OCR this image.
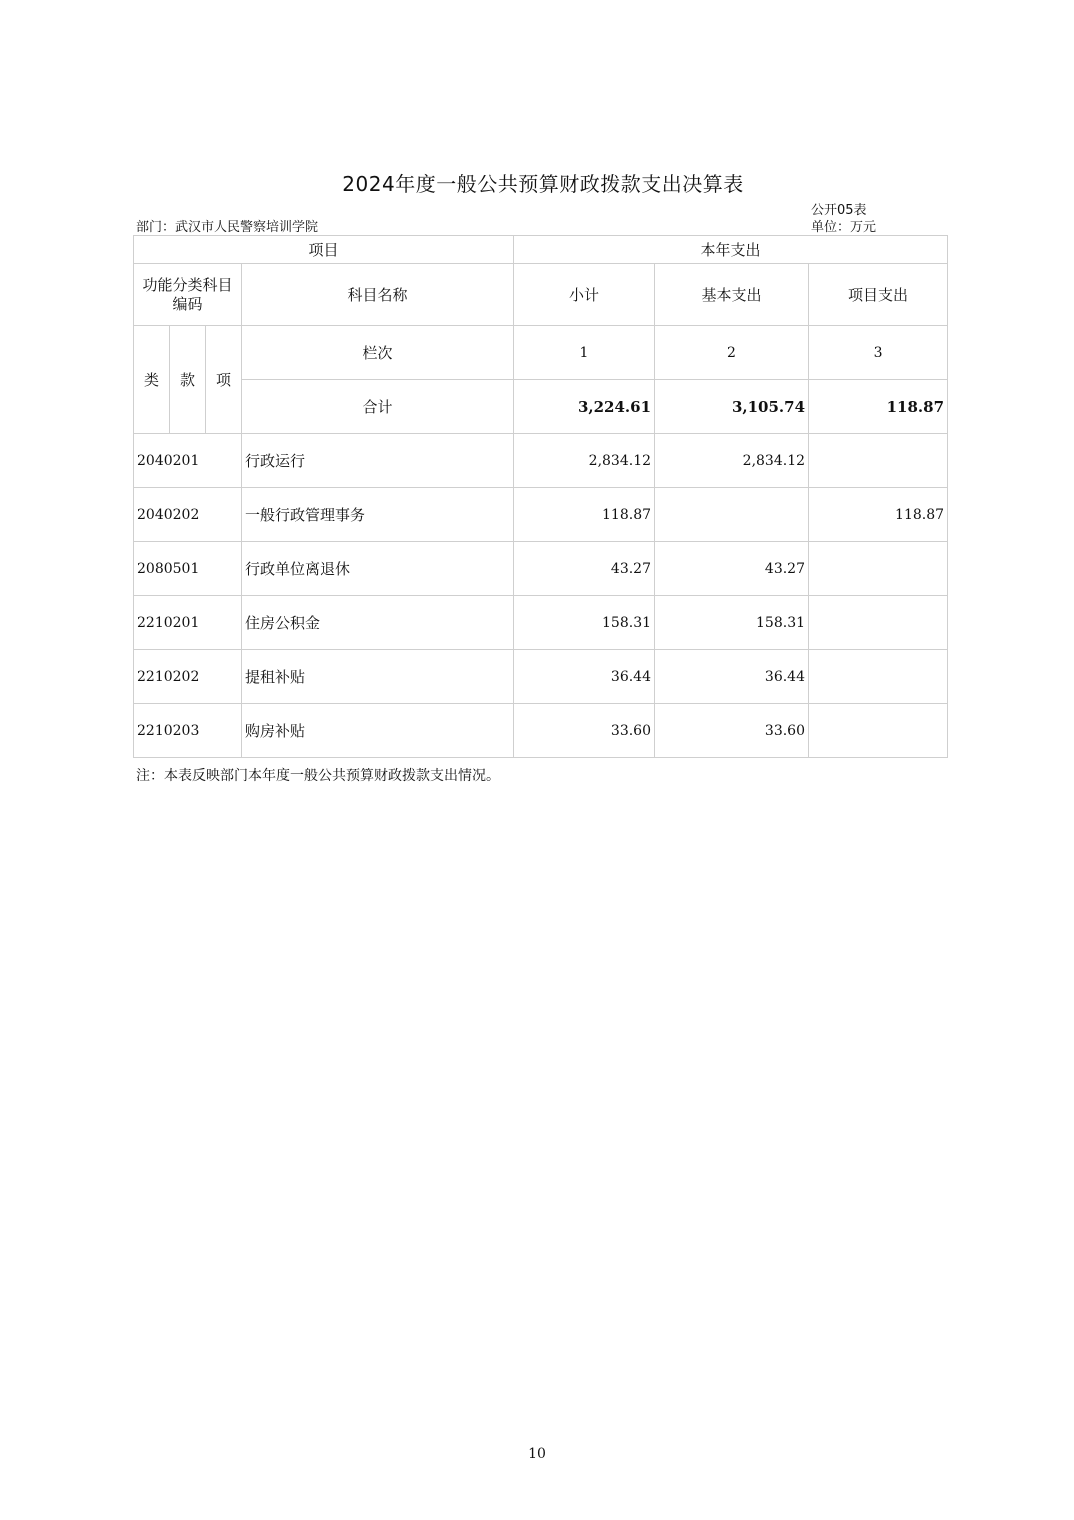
2024年度一般公共预算财政拨款支出决算表
部门：武汉市人民警察培训学院
公开05表
单位：万元
项目				本年支出		
功能分类科目编码			科目名称	小计	基本支出	项目支出
类	款	项	栏次	1	2	3
			合计	3,224.61	3,105.74	118.87
2040201			行政运行	2,834.12	2,834.12	
2040202			一般行政管理事务	118.87		118.87
2080501			行政单位离退休	43.27	43.27	
2210201			住房公积金	158.31	158.31	
2210202			提租补贴	36.44	36.44	
2210203			购房补贴	33.60	33.60	
注：本表反映部门本年度一般公共预算财政拨款支出情况。
10
